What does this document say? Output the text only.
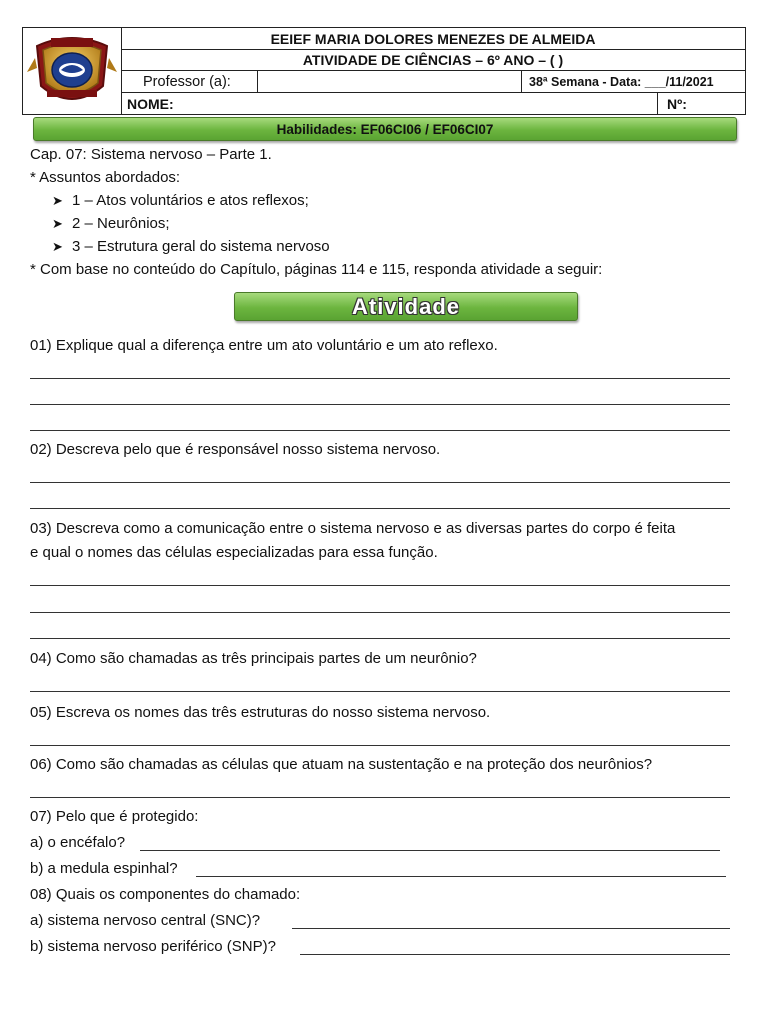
EEIEF MARIA DOLORES MENEZES DE ALMEIDA
ATIVIDADE DE CIÊNCIAS – 6º ANO – ( )
Professor (a):	38ª Semana - Data: ___/11/2021
NOME:	Nº:
Habilidades: EF06CI06 / EF06CI07
Cap. 07: Sistema nervoso – Parte 1.
* Assuntos abordados:
➤ 1 – Atos voluntários e atos reflexos;
➤ 2 – Neurônios;
➤ 3 – Estrutura geral do sistema nervoso
* Com base no conteúdo do Capítulo, páginas 114 e 115, responda atividade a seguir:
Atividade
01) Explique qual a diferença entre um ato voluntário e um ato reflexo.
02) Descreva pelo que é responsável nosso sistema nervoso.
03) Descreva como a comunicação entre o sistema nervoso e as diversas partes do corpo é feita
e qual o nomes das células especializadas para essa função.
04) Como são chamadas as três principais partes de um neurônio?
05) Escreva os nomes das três estruturas do nosso sistema nervoso.
06) Como são chamadas as células que atuam na sustentação e na proteção dos neurônios?
07) Pelo que é protegido:
a) o encéfalo?
b) a medula espinhal?
08) Quais os componentes do chamado:
a) sistema nervoso central (SNC)?
b) sistema nervoso periférico (SNP)?
